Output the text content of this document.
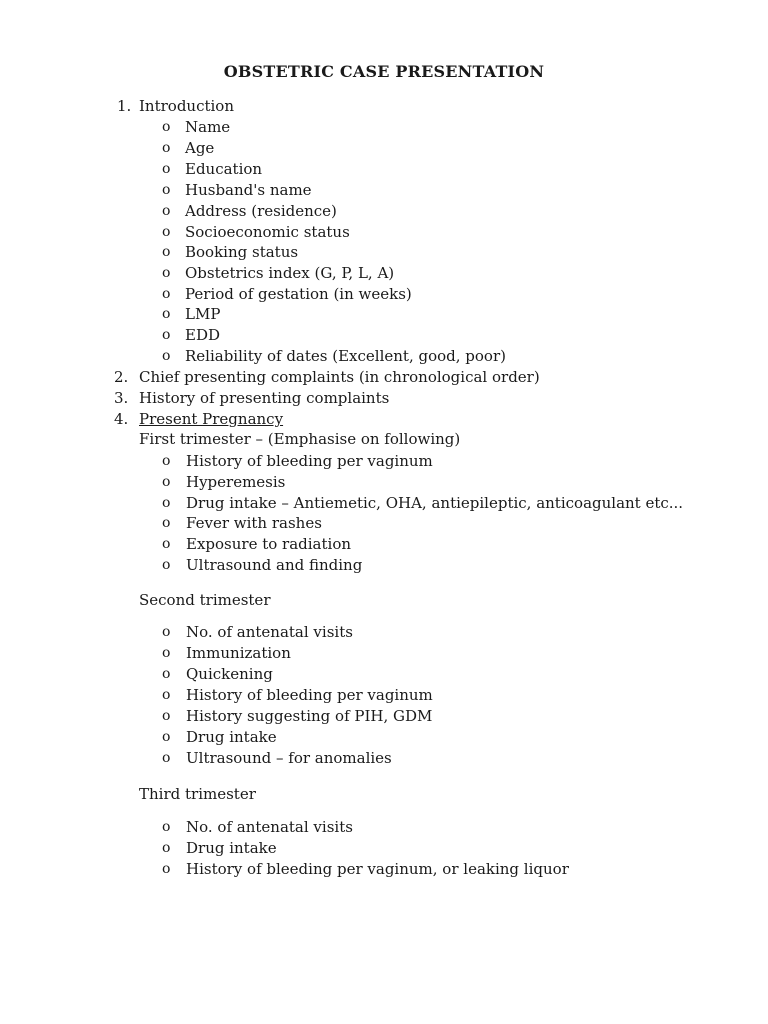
OBSTETRIC CASE PRESENTATION
1. Introduction
o Name
o Age
o Education
o Husband's name
o Address (residence)
o Socioeconomic status
o Booking status
o Obstetrics index (G, P, L, A)
o Period of gestation (in weeks)
o LMP
o EDD
o Reliability of dates (Excellent, good, poor)
2. Chief presenting complaints (in chronological order)
3. History of presenting complaints
4. Present Pregnancy
First trimester – (Emphasise on following)
o History of bleeding per vaginum
o Hyperemesis
o Drug intake – Antiemetic, OHA, antiepileptic, anticoagulant etc...
o Fever with rashes
o Exposure to radiation
o Ultrasound and finding
Second trimester
o No. of antenatal visits
o Immunization
o Quickening
o History of bleeding per vaginum
o History suggesting of PIH, GDM
o Drug intake
o Ultrasound – for anomalies
Third trimester
o No. of antenatal visits
o Drug intake
o History of bleeding per vaginum, or leaking liquor
